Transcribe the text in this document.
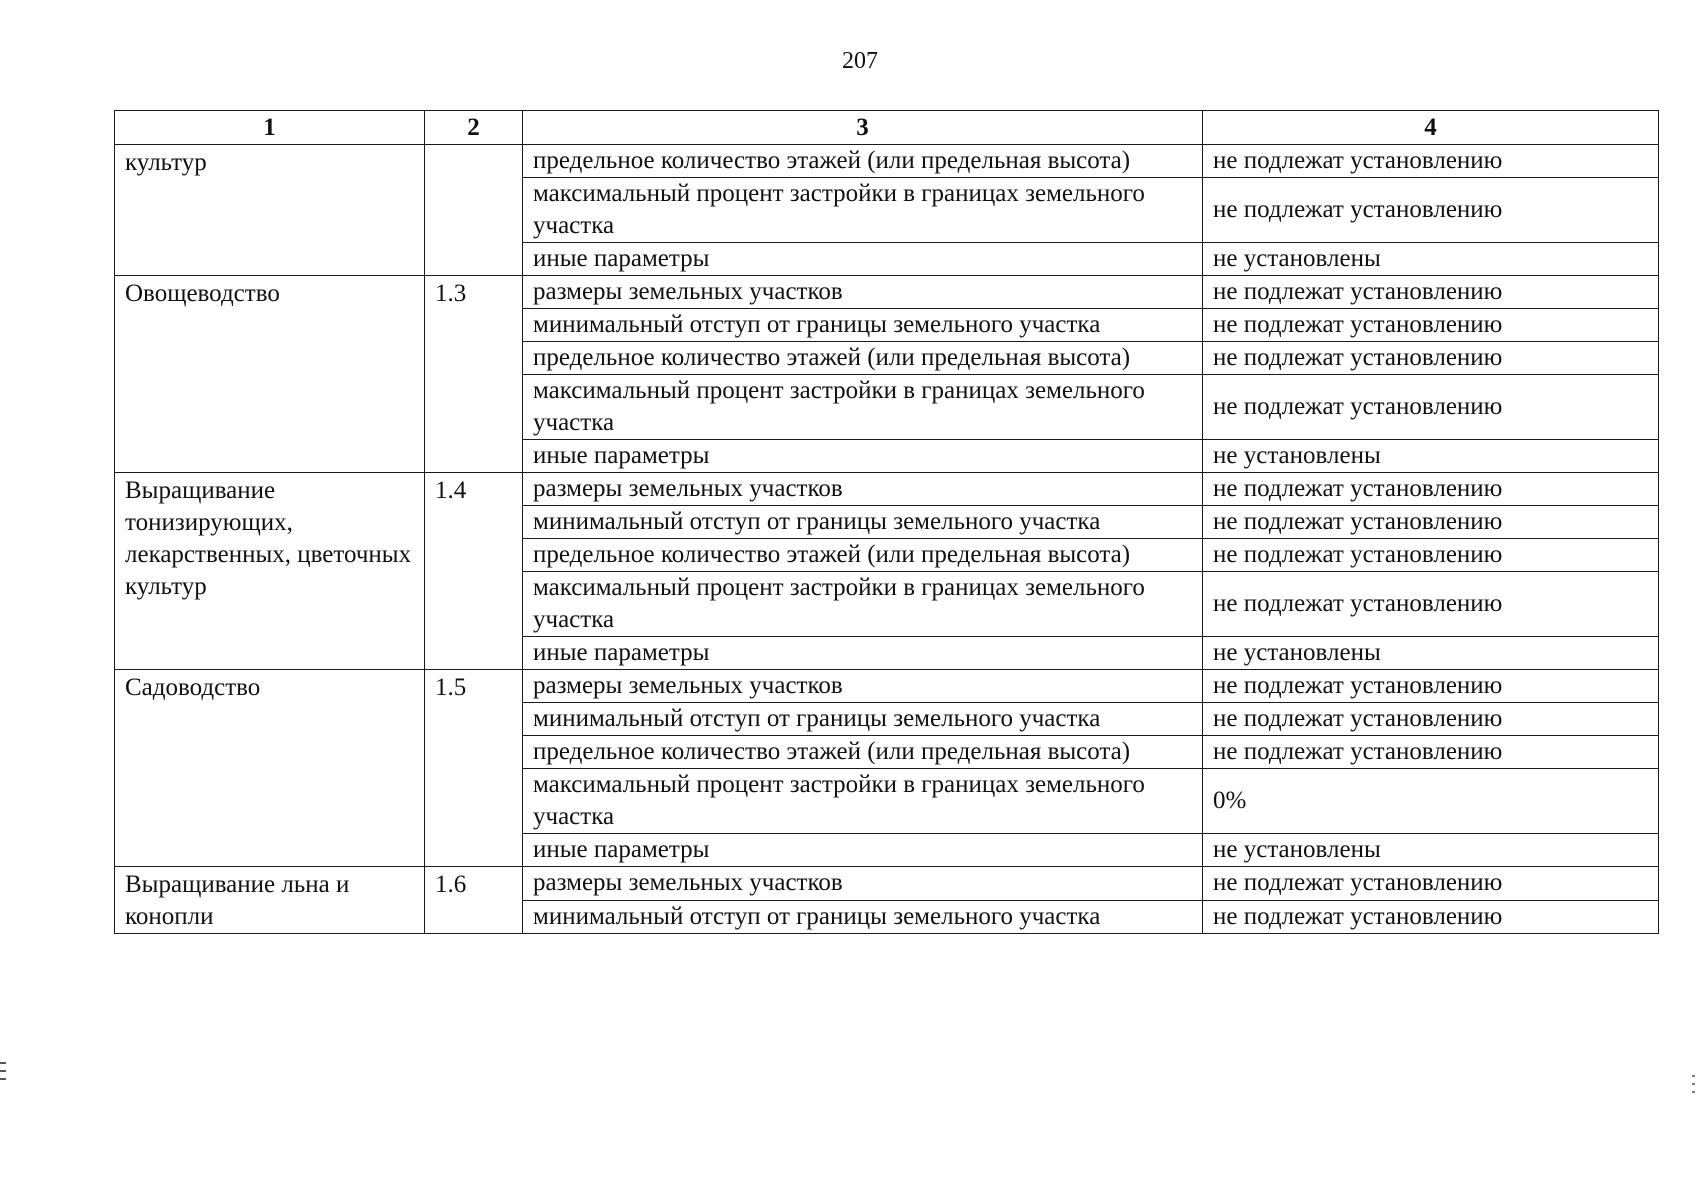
207
1	2	3	4
культур		предельное количество этажей (или предельная высота)	не подлежат установлению
		максимальный процент застройки в границах земельного участка	не подлежат установлению
		иные параметры	не установлены
Овощеводство	1.3	размеры земельных участков	не подлежат установлению
		минимальный отступ от границы земельного участка	не подлежат установлению
		предельное количество этажей (или предельная высота)	не подлежат установлению
		максимальный процент застройки в границах земельного участка	не подлежат установлению
		иные параметры	не установлены
Выращивание тонизирующих, лекарственных, цветочных культур	1.4	размеры земельных участков	не подлежат установлению
		минимальный отступ от границы земельного участка	не подлежат установлению
		предельное количество этажей (или предельная высота)	не подлежат установлению
		максимальный процент застройки в границах земельного участка	не подлежат установлению
		иные параметры	не установлены
Садоводство	1.5	размеры земельных участков	не подлежат установлению
		минимальный отступ от границы земельного участка	не подлежат установлению
		предельное количество этажей (или предельная высота)	не подлежат установлению
		максимальный процент застройки в границах земельного участка	0%
		иные параметры	не установлены
Выращивание льна и конопли	1.6	размеры земельных участков	не подлежат установлению
		минимальный отступ от границы земельного участка	не подлежат установлению
